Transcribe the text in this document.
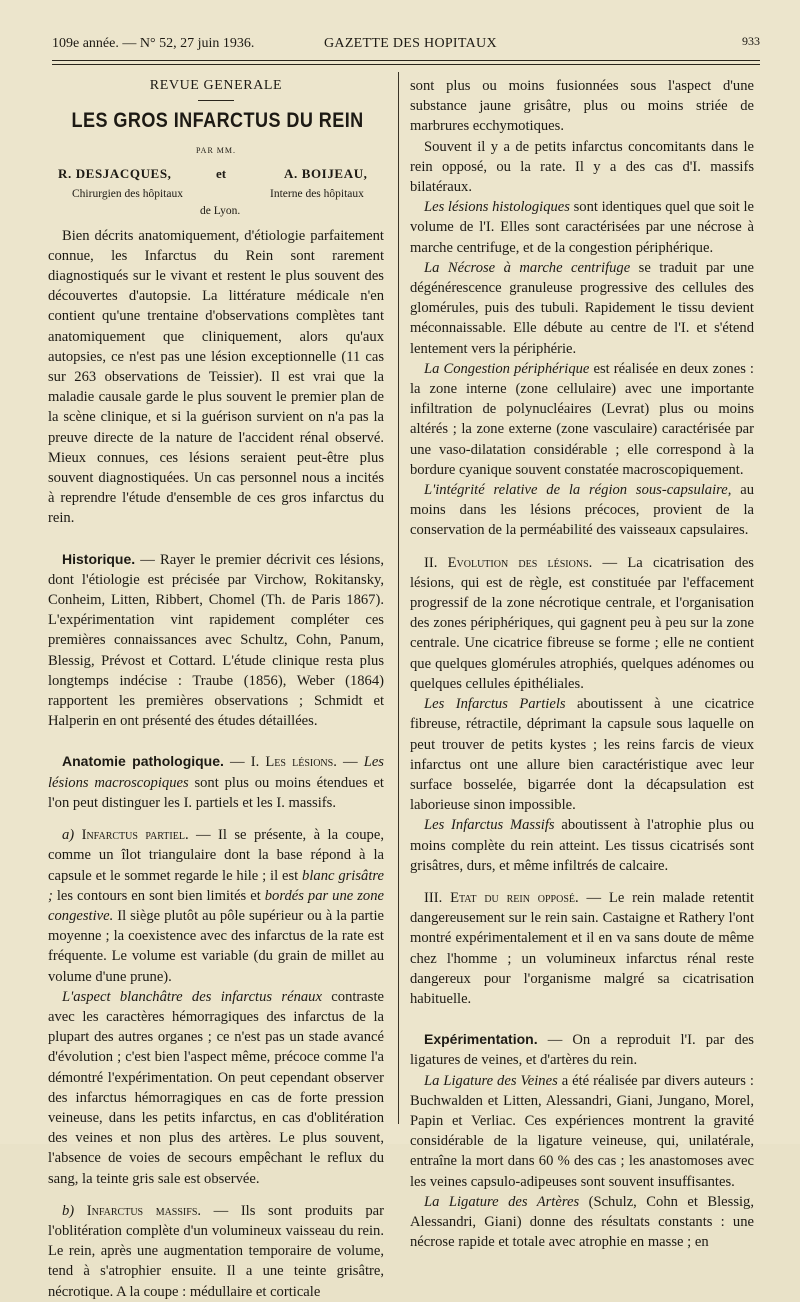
109e année. — N° 52, 27 juin 1936.	GAZETTE DES HOPITAUX	933
REVUE GENERALE
LES GROS INFARCTUS DU REIN
PAR MM.
R. DESJACQUES,	et	A. BOIJEAU,
Chirurgien des hôpitaux	Interne des hôpitaux
de Lyon.

Bien décrits anatomiquement, d'étiologie parfaitement connue, les Infarctus du Rein sont rarement diagnostiqués sur le vivant et restent le plus souvent des découvertes d'autopsie. La littérature médicale n'en contient qu'une trentaine d'observations complètes tant anatomiquement que cliniquement, alors qu'aux autopsies, ce n'est pas une lésion exceptionnelle (11 cas sur 263 observations de Teissier). Il est vrai que la maladie causale garde le plus souvent le premier plan de la scène clinique, et si la guérison survient on n'a pas la preuve directe de la nature de l'accident rénal observé. Mieux connues, ces lésions seraient peut-être plus souvent diagnostiquées. Un cas personnel nous a incités à reprendre l'étude d'ensemble de ces gros infarctus du rein.

Historique. — Rayer le premier décrivit ces lésions, dont l'étiologie est précisée par Virchow, Rokitansky, Conheim, Litten, Ribbert, Chomel (Th. de Paris 1867). L'expérimentation vint rapidement compléter ces premières connaissances avec Schultz, Cohn, Panum, Blessig, Prévost et Cottard. L'étude clinique resta plus longtemps indécise : Traube (1856), Weber (1864) rapportent les premières observations ; Schmidt et Halperin en ont présenté des études détaillées.

Anatomie pathologique. — I. Les lésions. — Les lésions macroscopiques sont plus ou moins étendues et l'on peut distinguer les I. partiels et les I. massifs.

a) Infarctus partiel. — Il se présente, à la coupe, comme un îlot triangulaire dont la base répond à la capsule et le sommet regarde le hile ; il est blanc grisâtre ; les contours en sont bien limités et bordés par une zone congestive. Il siège plutôt au pôle supérieur ou à la partie moyenne ; la coexistence avec des infarctus de la rate est fréquente. Le volume est variable (du grain de millet au volume d'une prune).

L'aspect blanchâtre des infarctus rénaux contraste avec les caractères hémorragiques des infarctus de la plupart des autres organes ; ce n'est pas un stade avancé d'évolution ; c'est bien l'aspect même, précoce comme l'a démontré l'expérimentation. On peut cependant observer des infarctus hémorragiques en cas de forte pression veineuse, dans les petits infarctus, en cas d'oblitération des veines et non plus des artères. Le plus souvent, l'absence de voies de secours empêchant le reflux du sang, la teinte gris sale est observée.

b) Infarctus massifs. — Ils sont produits par l'oblitération complète d'un volumineux vaisseau du rein. Le rein, après une augmentation temporaire de volume, tend à s'atrophier ensuite. Il a une teinte grisâtre, nécrotique. A la coupe : médullaire et corticale

sont plus ou moins fusionnées sous l'aspect d'une substance jaune grisâtre, plus ou moins striée de marbrures ecchymotiques.

Souvent il y a de petits infarctus concomitants dans le rein opposé, ou la rate. Il y a des cas d'I. massifs bilatéraux.

Les lésions histologiques sont identiques quel que soit le volume de l'I. Elles sont caractérisées par une nécrose à marche centrifuge, et de la congestion périphérique.

La Nécrose à marche centrifuge se traduit par une dégénérescence granuleuse progressive des cellules des glomérules, puis des tubuli. Rapidement le tissu devient méconnaissable. Elle débute au centre de l'I. et s'étend lentement vers la périphérie.

La Congestion périphérique est réalisée en deux zones : la zone interne (zone cellulaire) avec une importante infiltration de polynucléaires (Levrat) plus ou moins altérés ; la zone externe (zone vasculaire) caractérisée par une vaso-dilatation considérable ; elle correspond à la bordure cyanique souvent constatée macroscopiquement.

L'intégrité relative de la région sous-capsulaire, au moins dans les lésions précoces, provient de la conservation de la perméabilité des vaisseaux capsulaires.

II. Evolution des lésions. — La cicatrisation des lésions, qui est de règle, est constituée par l'effacement progressif de la zone nécrotique centrale, et l'organisation des zones périphériques, qui gagnent peu à peu sur la zone centrale. Une cicatrice fibreuse se forme ; elle ne contient que quelques glomérules atrophiés, quelques adénomes ou quelques cellules épithéliales.

Les Infarctus Partiels aboutissent à une cicatrice fibreuse, rétractile, déprimant la capsule sous laquelle on peut trouver de petits kystes ; les reins farcis de vieux infarctus ont une allure bien caractéristique avec leur surface bosselée, bigarrée dont la décapsulation est laborieuse sinon impossible.

Les Infarctus Massifs aboutissent à l'atrophie plus ou moins complète du rein atteint. Les tissus cicatrisés sont grisâtres, durs, et même infiltrés de calcaire.

III. Etat du rein opposé. — Le rein malade retentit dangereusement sur le rein sain. Castaigne et Rathery l'ont montré expérimentalement et il en va sans doute de même chez l'homme ; un volumineux infarctus rénal reste dangereux pour l'organisme malgré sa cicatrisation habituelle.

Expérimentation. — On a reproduit l'I. par des ligatures de veines, et d'artères du rein.

La Ligature des Veines a été réalisée par divers auteurs : Buchwalden et Litten, Alessandri, Giani, Jungano, Morel, Papin et Verliac. Ces expériences montrent la gravité considérable de la ligature veineuse, qui, unilatérale, entraîne la mort dans 60 % des cas ; les anastomoses avec les veines capsulo-adipeuses sont souvent insuffisantes.

La Ligature des Artères (Schulz, Cohn et Blessig, Alessandri, Giani) donne des résultats constants : une nécrose rapide et totale avec atrophie en masse ; en
